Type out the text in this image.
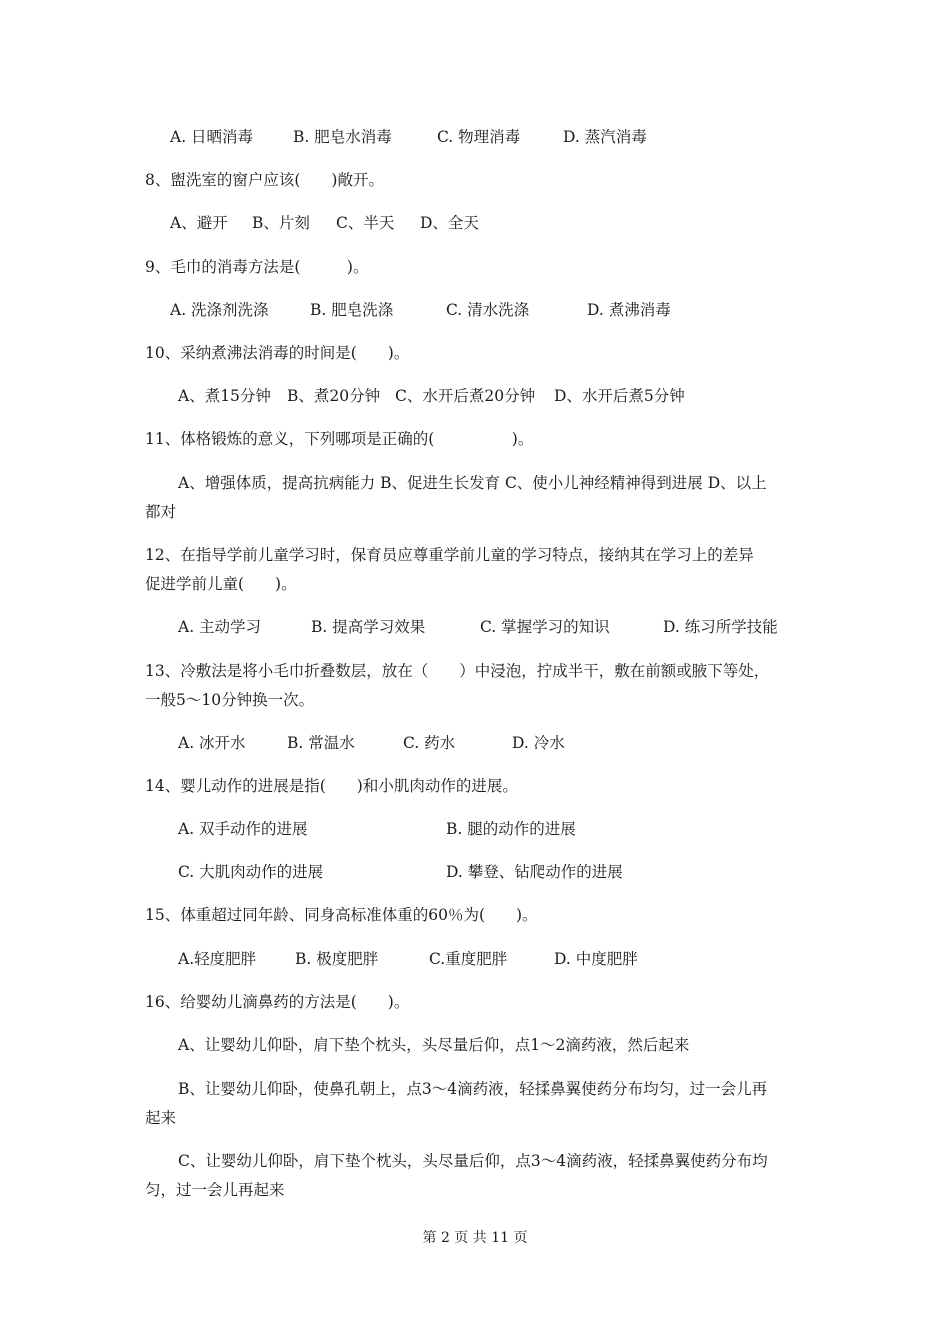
A. 日晒消毒	B. 肥皂水消毒	C. 物理消毒	D. 蒸汽消毒
8、盥洗室的窗户应该(　　)敞开。
A、避开 B、片刻 C、半天 D、全天
9、毛巾的消毒方法是(　　　)。
A. 洗涤剂洗涤	B. 肥皂洗涤	C. 清水洗涤	D. 煮沸消毒
10、采纳煮沸法消毒的时间是(　　)。
A、煮15分钟 B、煮20分钟 C、水开后煮20分钟 D、水开后煮5分钟
11、体格锻炼的意义，下列哪项是正确的(　　　　　)。
A、增强体质，提高抗病能力 B、促进生长发育 C、使小儿神经精神得到进展 D、以上
都对
12、在指导学前儿童学习时，保育员应尊重学前儿童的学习特点，接纳其在学习上的差异
促进学前儿童(　　)。
A. 主动学习	B. 提高学习效果	C. 掌握学习的知识	D. 练习所学技能
13、冷敷法是将小毛巾折叠数层，放在（　　）中浸泡，拧成半干，敷在前额或腋下等处，
一般5～10分钟换一次。
A. 冰开水	B. 常温水	C. 药水	D. 冷水
14、婴儿动作的进展是指(　　)和小肌肉动作的进展。
A. 双手动作的进展	B. 腿的动作的进展
C. 大肌肉动作的进展	D. 攀登、钻爬动作的进展
15、体重超过同年龄、同身高标准体重的60％为(　　)。
A.轻度肥胖	B. 极度肥胖	C.重度肥胖	D. 中度肥胖
16、给婴幼儿滴鼻药的方法是(　　)。
A、让婴幼儿仰卧，肩下垫个枕头，头尽量后仰，点1～2滴药液，然后起来
B、让婴幼儿仰卧，使鼻孔朝上，点3～4滴药液，轻揉鼻翼使药分布均匀，过一会儿再
起来
C、让婴幼儿仰卧，肩下垫个枕头，头尽量后仰，点3～4滴药液，轻揉鼻翼使药分布均
匀，过一会儿再起来
第 2 页 共 11 页
